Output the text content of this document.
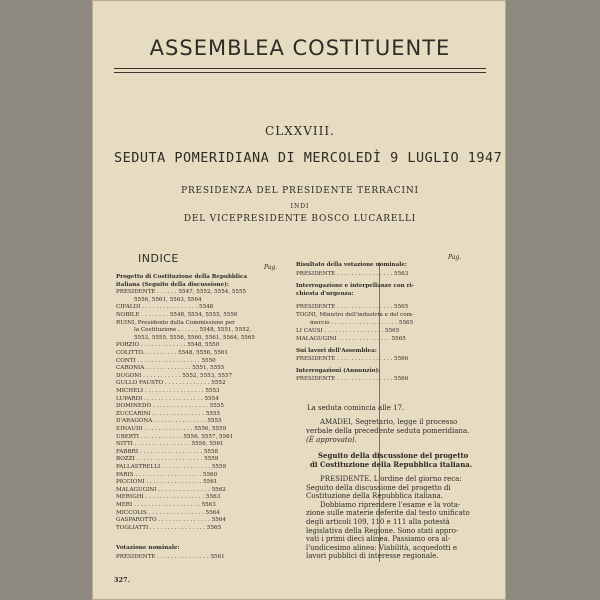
ASSEMBLEA COSTITUENTE
CLXXVIII.
SEDUTA POMERIDIANA DI MERCOLEDÌ 9 LUGLIO 1947
PRESIDENZA DEL PRESIDENTE TERRACINI
INDI
DEL VICEPRESIDENTE BOSCO LUCARELLI
INDICE
Pag.
Pag.
La seduta comincia alle 17.
327.
Progetto di Costituzione della Repubblica
italiana (Seguito della discussione):
PRESIDENTE . . . . . . 5547, 5552, 5554, 5555
5556, 5561, 5563, 5564
CIFALDI . . . . . . . . . . . . . . . . 5548
NOBILE . . . . . . . . 5548, 5554, 5555, 5556
RUINI, Presidente della Commissione per
la Costituzione . . . . . . 5548, 5551, 5552,
5553, 5555, 5556, 5560, 5561, 5564, 5565
PORZIO . . . . . . . . . . . . . 5548, 5550
COLITTO. . . . . . . . . . 5548, 5556, 5561
CONTI . . . . . . . . . . . . . . . . . . 5550
CARONIA . . . . . . . . . . . . . 5551, 5555
DUGONI . . . . . . . . . . . 5552, 5553, 5557
GULLO FAUSTO . . . . . . . . . . . . . 5552
MICHELI . . . . . . . . . . . . . . . . . 5553
LUPARDI . . . . . . . . . . . . . . . . . 5554
DOMINEDÒ . . . . . . . . . . . . . . . . 5555
ZUCCARINI . . . . . . . . . . . . . . . 5555
D'ARAGONA . . . . . . . . . . . . . . . 5555
EINAUDI . . . . . . . . . . . . . . 5556, 5559
UBERTI . . . . . . . . . . . . 5556, 5557, 5561
NITTI . . . . . . . . . . . . . . . . 5556, 5561
FABBRI . . . . . . . . . . . . . . . . . . 5558
BOZZI . . . . . . . . . . . . . . . . . . . 5559
PALLASTRELLI . . . . . . . . . . . . . . 5559
PARIS . . . . . . . . . . . . . . . . . . . 5560
PICCIONI . . . . . . . . . . . . . . . . 5561
MALAGUGINI . . . . . . . . . . . . . . . 5562
MERIGHI . . . . . . . . . . . . . . . . . 5563
MERI . . . . . . . . . . . . . . . . . . . 5563
MICCOLIS . . . . . . . . . . . . . . . . 5564
GASPAROTTO . . . . . . . . . . . . . . . 5564
TOGLIATTI . . . . . . . . . . . . . . . . 5565
Votazione nominale:
PRESIDENTE . . . . . . . . . . . . . . . 5561
Risultato della votazione nominale:
PRESIDENTE . . . . . . . . . . . . . . . . 5563
Interrogazione e interpellanze con ri-
chiesta d'urgenza:
PRESIDENTE . . . . . . . . . . . . . . . . 5565
TOGNI, Ministro dell'industria e del com-
mercio . . . . . . . . . . . . . . . . . . . 5565
LI CAUSI . . . . . . . . . . . . . . . . . 5565
MALAGUGINI . . . . . . . . . . . . . . . 5565
Sui lavori dell'Assemblea:
PRESIDENTE . . . . . . . . . . . . . . . . 5566
Interrogazioni (Annunzio):
PRESIDENTE . . . . . . . . . . . . . . . . 5566
AMADEI, Segretario, legge il processo
verbale della precedente seduta pomeridiana.
(È approvato).
Seguito della discussione del progetto
di Costituzione della Repubblica italiana.
PRESIDENTE. L'ordine del giorno reca:
Seguito della discussione del progetto di
Costituzione della Repubblica italiana.
Dobbiamo riprendere l'esame e la vota-
zione sulle materie deferite dal testo unificato
degli articoli 109, 110 e 111 alla potestà
legislativa della Regione. Sono stati appro-
vati i primi dieci alinea. Passiamo ora al-
l'undicesimo alinea: Viabilità, acquedotti e
lavori pubblici di interesse regionale.
